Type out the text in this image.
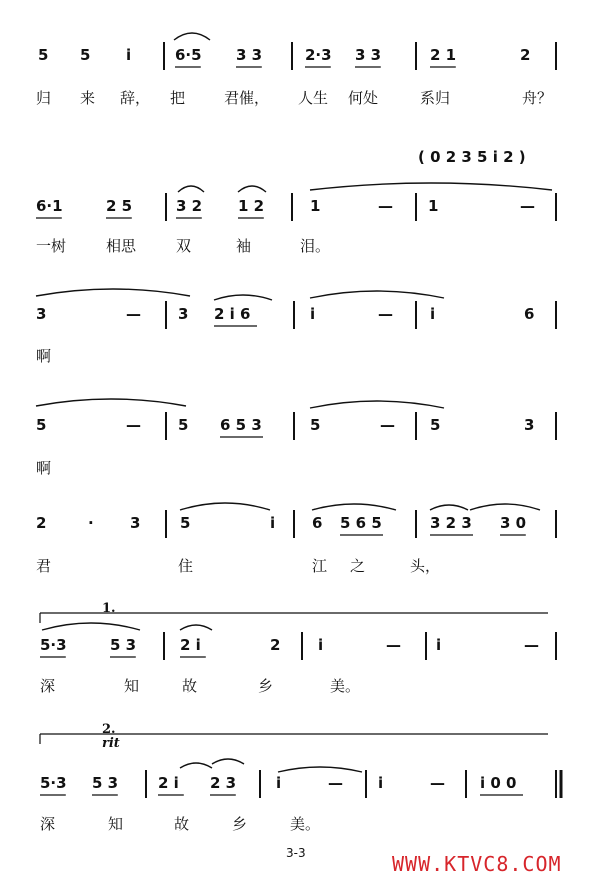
5 5 i	6·5 3 3	2·3 3 3	2 1	2
归 来 辞， 把	君催， 人生 何处	系归	舟？
6·1	2 5	3 2 1 2	1	— 1	—
一树	相思	双	袖	泪。
( 0 2 3 5 i 2 )
3	— 3 2 i 6	i	— i	6
啊
5	— 5 6 5 3	5	— 5	3
啊
2	· 3	5	i 6 5 6 5	3 2 3 3 0
君	住	江 之	头，
5·3	5 3	2 i	2	i	— i	—
深	知	故	乡	美。
1.
5·3 5 3	2 i 2 3	i	— i	— i 0 0
深	知	故	乡	美。
2.
rit
3-3	WWW.KTVC8.COM
